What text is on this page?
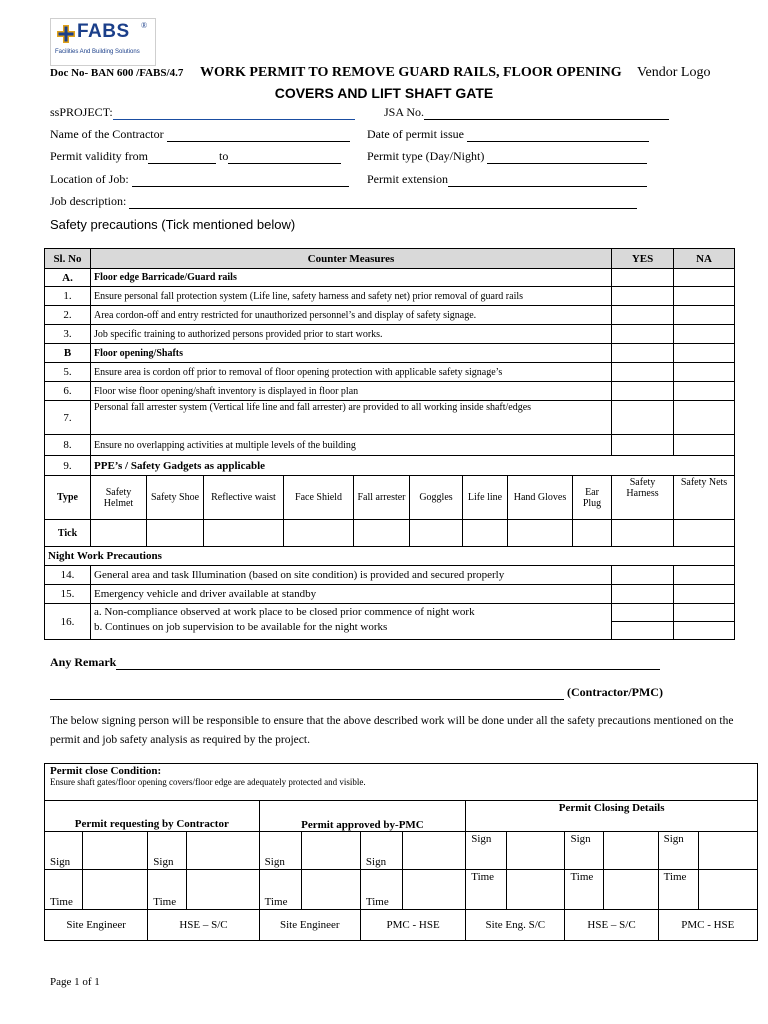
FABS ®
Facilities And Building Solutions
Doc No- BAN 600 /FABS/4.7 WORK PERMIT TO REMOVE GUARD RAILS, FLOOR OPENING Vendor Logo
COVERS AND LIFT SHAFT GATE
ssPROJECT:	JSA No.
Name of the Contractor	Date of permit issue
Permit validity from	to	Permit type (Day/Night)
Location of Job:	Permit extension
Job description:
Safety precautions (Tick mentioned below)
Sl. No	Counter Measures									YES	NA
A.	Floor edge Barricade/Guard rails										
1.	Ensure personal fall protection system (Life line, safety harness and safety net) prior removal of guard rails										
2.	Area cordon-off and entry restricted for unauthorized personnel’s and display of safety signage.										
3.	Job specific training to authorized persons provided prior to start works.										
B	Floor opening/Shafts										
5.	Ensure area is cordon off prior to removal of floor opening protection with applicable safety signage’s										
6.	Floor wise floor opening/shaft inventory is displayed in floor plan										
7.	Personal fall arrester system (Vertical life line and fall arrester) are provided to all working inside shaft/edges										
8.	Ensure no overlapping activities at multiple levels of the building										
9.	PPE’s / Safety Gadgets as applicable										
Type	Safety Helmet	Safety Shoe	Reflective waist	Face Shield	Fall arrester	Goggles	Life line	Hand Gloves	Ear Plug	Safety Harness	Safety Nets
Tick											
Night Work Precautions											
14.	General area and task Illumination (based on site condition) is provided and secured properly										
15.	Emergency vehicle and driver available at standby										
16.	a. Non-compliance observed at work place to be closed prior commence of night work
b. Continues on job supervision to be available for the night works										

Any Remark
(Contractor/PMC)
The below signing person will be responsible to ensure that the above described work will be done under all the safety precautions mentioned on the permit and job safety analysis as required by the project.
Permit close Condition:
Ensure shaft gates/floor opening covers/floor edge are adequately protected and visible.													

Permit requesting by Contractor				Permit approved by-PMC				Permit Closing Details					
Sign		Sign		Sign		Sign		Sign		Sign		Sign	
Time		Time		Time		Time		Time		Time		Time	
Site Engineer		HSE – S/C		Site Engineer		PMC - HSE		Site Eng. S/C		HSE – S/C		PMC - HSE	
Page 1 of 1
